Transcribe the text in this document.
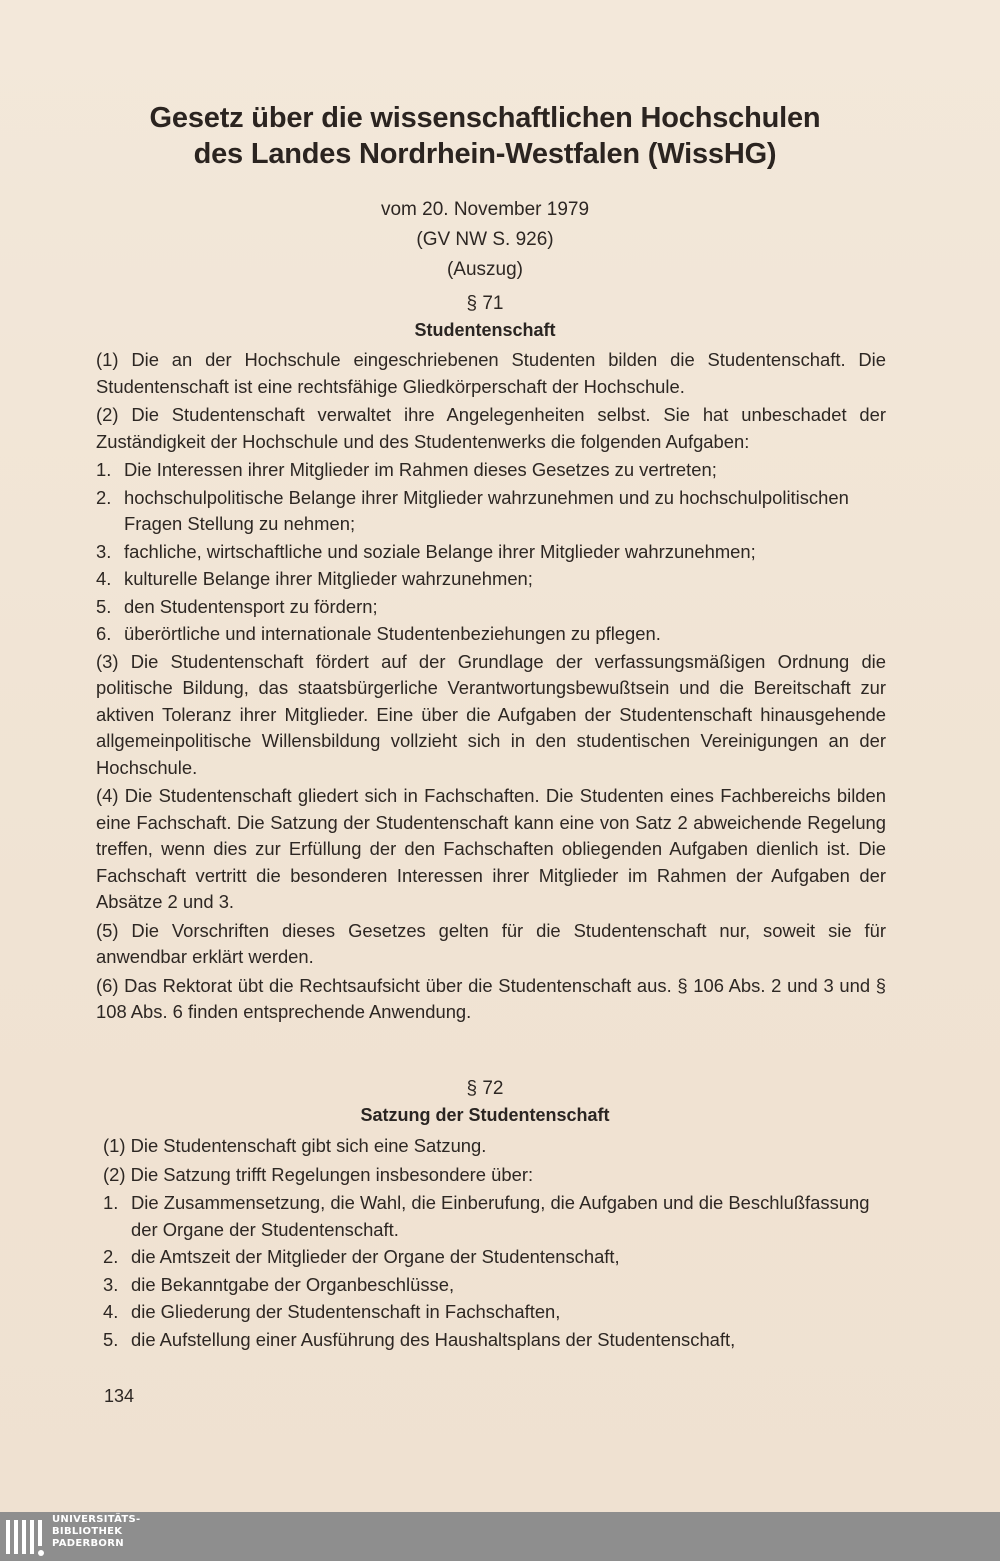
Gesetz über die wissenschaftlichen Hochschulen
des Landes Nordrhein-Westfalen (WissHG)
vom 20. November 1979
(GV NW S. 926)
(Auszug)
§ 71
Studentenschaft

(1) Die an der Hochschule eingeschriebenen Studenten bilden die Studentenschaft. Die Studentenschaft ist eine rechtsfähige Gliedkörperschaft der Hochschule.

(2) Die Studentenschaft verwaltet ihre Angelegenheiten selbst. Sie hat unbeschadet der Zuständigkeit der Hochschule und des Studentenwerks die folgenden Aufgaben:

1. Die Interessen ihrer Mitglieder im Rahmen dieses Gesetzes zu vertreten;
2. hochschulpolitische Belange ihrer Mitglieder wahrzunehmen und zu hochschulpolitischen Fragen Stellung zu nehmen;
3. fachliche, wirtschaftliche und soziale Belange ihrer Mitglieder wahrzunehmen;
4. kulturelle Belange ihrer Mitglieder wahrzunehmen;
5. den Studentensport zu fördern;
6. überörtliche und internationale Studentenbeziehungen zu pflegen.

(3) Die Studentenschaft fördert auf der Grundlage der verfassungsmäßigen Ordnung die politische Bildung, das staatsbürgerliche Verantwortungsbewußtsein und die Bereitschaft zur aktiven Toleranz ihrer Mitglieder. Eine über die Aufgaben der Studentenschaft hinausgehende allgemeinpolitische Willensbildung vollzieht sich in den studentischen Vereinigungen an der Hochschule.

(4) Die Studentenschaft gliedert sich in Fachschaften. Die Studenten eines Fachbereichs bilden eine Fachschaft. Die Satzung der Studentenschaft kann eine von Satz 2 abweichende Regelung treffen, wenn dies zur Erfüllung der den Fachschaften obliegenden Aufgaben dienlich ist. Die Fachschaft vertritt die besonderen Interessen ihrer Mitglieder im Rahmen der Aufgaben der Absätze 2 und 3.

(5) Die Vorschriften dieses Gesetzes gelten für die Studentenschaft nur, soweit sie für anwendbar erklärt werden.

(6) Das Rektorat übt die Rechtsaufsicht über die Studentenschaft aus. § 106 Abs. 2 und 3 und § 108 Abs. 6 finden entsprechende Anwendung.

§ 72
Satzung der Studentenschaft

(1) Die Studentenschaft gibt sich eine Satzung.

(2) Die Satzung trifft Regelungen insbesondere über:

1. Die Zusammensetzung, die Wahl, die Einberufung, die Aufgaben und die Beschlußfassung der Organe der Studentenschaft.
2. die Amtszeit der Mitglieder der Organe der Studentenschaft,
3. die Bekanntgabe der Organbeschlüsse,
4. die Gliederung der Studentenschaft in Fachschaften,
5. die Aufstellung einer Ausführung des Haushaltsplans der Studentenschaft,
134
UNIVERSITÄTS-
BIBLIOTHEK
PADERBORN
